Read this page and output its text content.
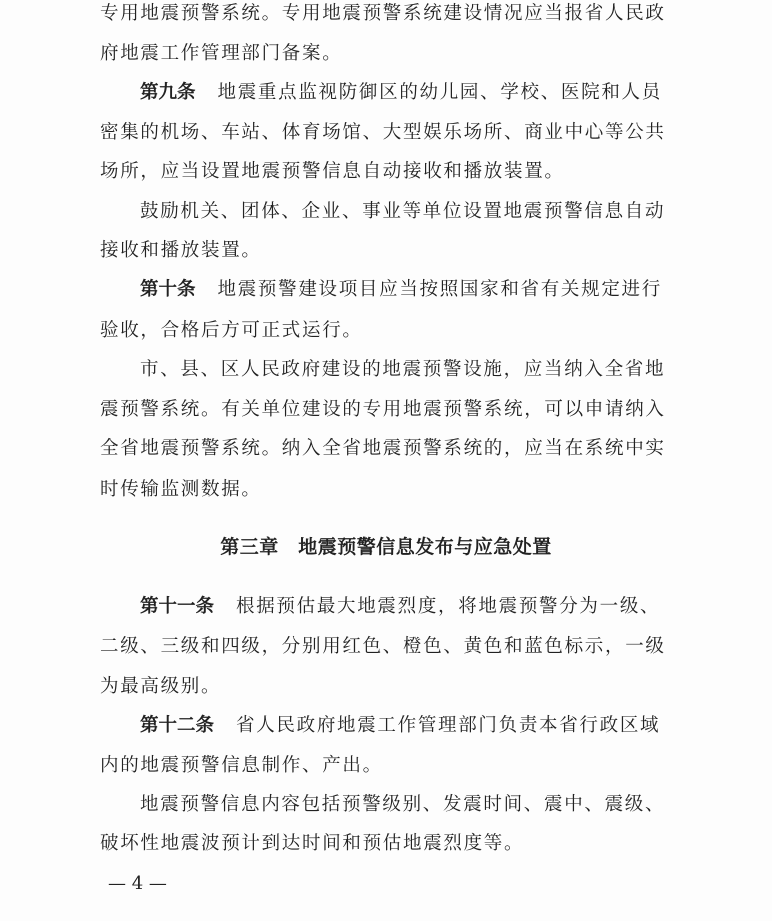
专用地震预警系统。专用地震预警系统建设情况应当报省人民政
府地震工作管理部门备案。
第九条 地震重点监视防御区的幼儿园、学校、医院和人员
密集的机场、车站、体育场馆、大型娱乐场所、商业中心等公共
场所，应当设置地震预警信息自动接收和播放装置。
鼓励机关、团体、企业、事业等单位设置地震预警信息自动
接收和播放装置。
第十条 地震预警建设项目应当按照国家和省有关规定进行
验收，合格后方可正式运行。
市、县、区人民政府建设的地震预警设施，应当纳入全省地
震预警系统。有关单位建设的专用地震预警系统，可以申请纳入
全省地震预警系统。纳入全省地震预警系统的，应当在系统中实
时传输监测数据。
第三章　地震预警信息发布与应急处置
第十一条 根据预估最大地震烈度，将地震预警分为一级、
二级、三级和四级，分别用红色、橙色、黄色和蓝色标示，一级
为最高级别。
第十二条 省人民政府地震工作管理部门负责本省行政区域
内的地震预警信息制作、产出。
地震预警信息内容包括预警级别、发震时间、震中、震级、
破坏性地震波预计到达时间和预估地震烈度等。
— 4 —
